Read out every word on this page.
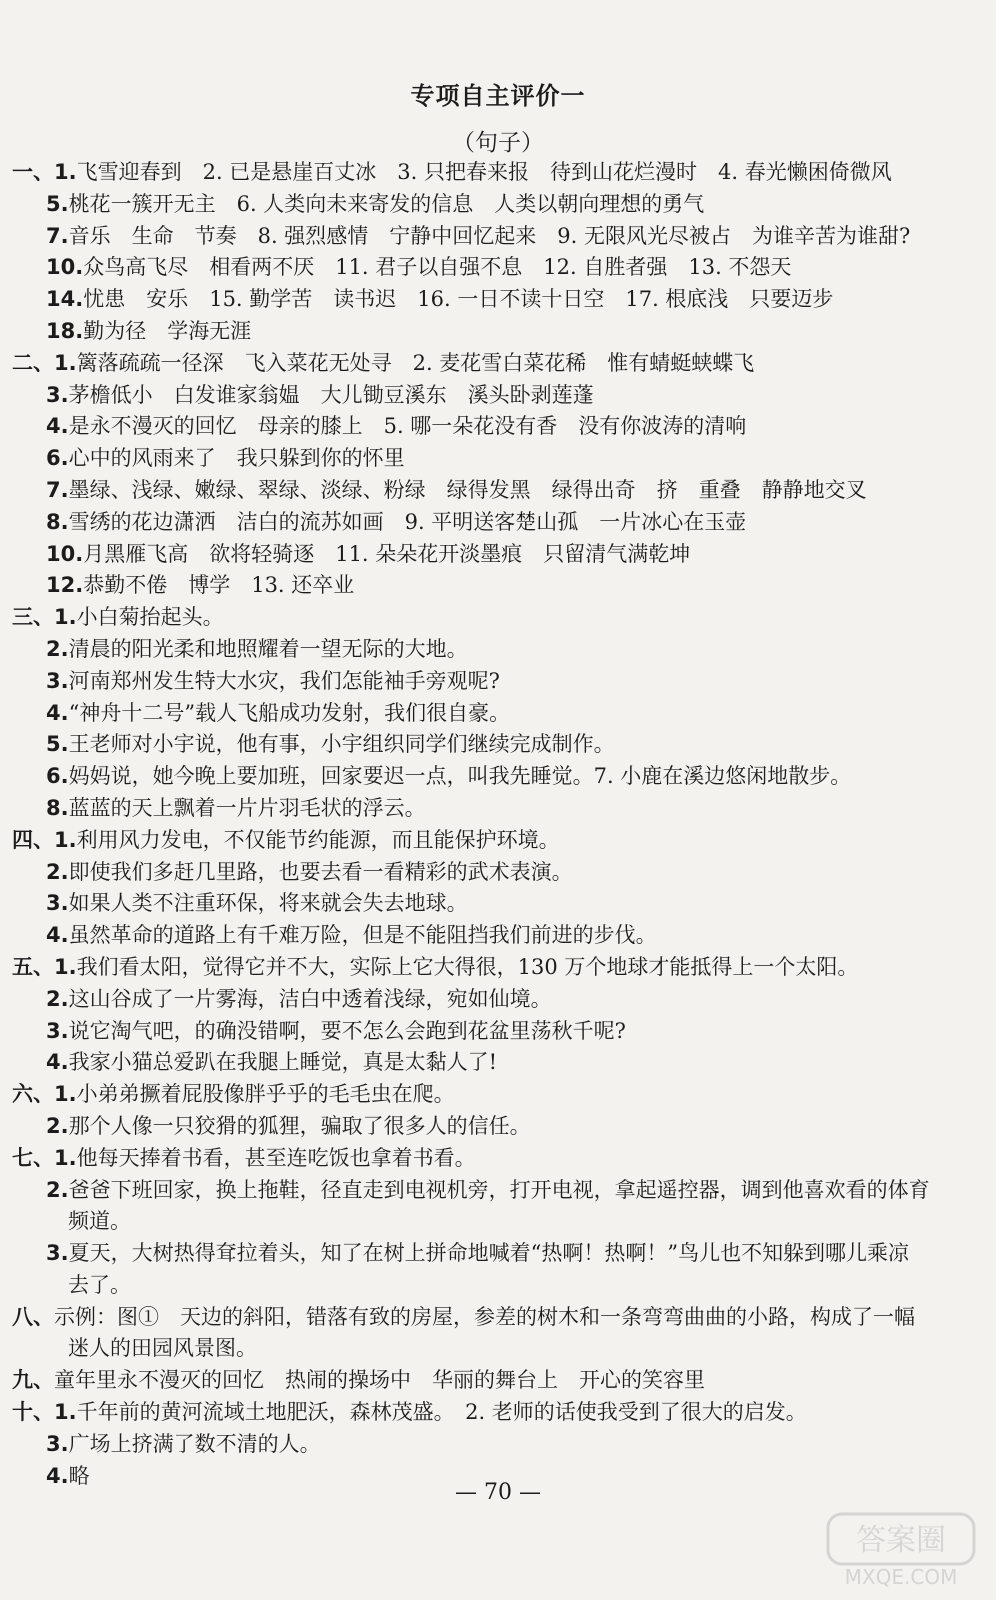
专项自主评价一
（句子）
一、1.飞雪迎春到　2. 已是悬崖百丈冰　3. 只把春来报　待到山花烂漫时　4. 春光懒困倚微风
5.桃花一簇开无主　6. 人类向未来寄发的信息　人类以朝向理想的勇气
7.音乐　生命　节奏　8. 强烈感情　宁静中回忆起来　9. 无限风光尽被占　为谁辛苦为谁甜?
10.众鸟高飞尽　相看两不厌　11. 君子以自强不息　12. 自胜者强　13. 不怨天
14.忧患　安乐　15. 勤学苦　读书迟　16. 一日不读十日空　17. 根底浅　只要迈步
18.勤为径　学海无涯
二、1.篱落疏疏一径深　飞入菜花无处寻　2. 麦花雪白菜花稀　惟有蜻蜓蛱蝶飞
3.茅檐低小　白发谁家翁媪　大儿锄豆溪东　溪头卧剥莲蓬
4.是永不漫灭的回忆　母亲的膝上　5. 哪一朵花没有香　没有你波涛的清响
6.心中的风雨来了　我只躲到你的怀里
7.墨绿、浅绿、嫩绿、翠绿、淡绿、粉绿　绿得发黑　绿得出奇　挤　重叠　静静地交叉
8.雪绣的花边潇洒　洁白的流苏如画　9. 平明送客楚山孤　一片冰心在玉壶
10.月黑雁飞高　欲将轻骑逐　11. 朵朵花开淡墨痕　只留清气满乾坤
12.恭勤不倦　博学　13. 还卒业
三、1.小白菊抬起头。
2.清晨的阳光柔和地照耀着一望无际的大地。
3.河南郑州发生特大水灾，我们怎能袖手旁观呢?
4.“神舟十二号”载人飞船成功发射，我们很自豪。
5.王老师对小宇说，他有事，小宇组织同学们继续完成制作。
6.妈妈说，她今晚上要加班，回家要迟一点，叫我先睡觉。7. 小鹿在溪边悠闲地散步。
8.蓝蓝的天上飘着一片片羽毛状的浮云。
四、1.利用风力发电，不仅能节约能源，而且能保护环境。
2.即使我们多赶几里路，也要去看一看精彩的武术表演。
3.如果人类不注重环保，将来就会失去地球。
4.虽然革命的道路上有千难万险，但是不能阻挡我们前进的步伐。
五、1.我们看太阳，觉得它并不大，实际上它大得很，130 万个地球才能抵得上一个太阳。
2.这山谷成了一片雾海，洁白中透着浅绿，宛如仙境。
3.说它淘气吧，的确没错啊，要不怎么会跑到花盆里荡秋千呢?
4.我家小猫总爱趴在我腿上睡觉，真是太黏人了!
六、1.小弟弟撅着屁股像胖乎乎的毛毛虫在爬。
2.那个人像一只狡猾的狐狸，骗取了很多人的信任。
七、1.他每天捧着书看，甚至连吃饭也拿着书看。
2.爸爸下班回家，换上拖鞋，径直走到电视机旁，打开电视，拿起遥控器，调到他喜欢看的体育
频道。
3.夏天，大树热得耷拉着头，知了在树上拼命地喊着“热啊！热啊！”鸟儿也不知躲到哪儿乘凉
去了。
八、示例：图①　天边的斜阳，错落有致的房屋，参差的树木和一条弯弯曲曲的小路，构成了一幅
迷人的田园风景图。
九、童年里永不漫灭的回忆　热闹的操场中　华丽的舞台上　开心的笑容里
十、1.千年前的黄河流域土地肥沃，森林茂盛。　2. 老师的话使我受到了很大的启发。
3.广场上挤满了数不清的人。
4.略
— 70 —
答案圈
MXQE.COM
